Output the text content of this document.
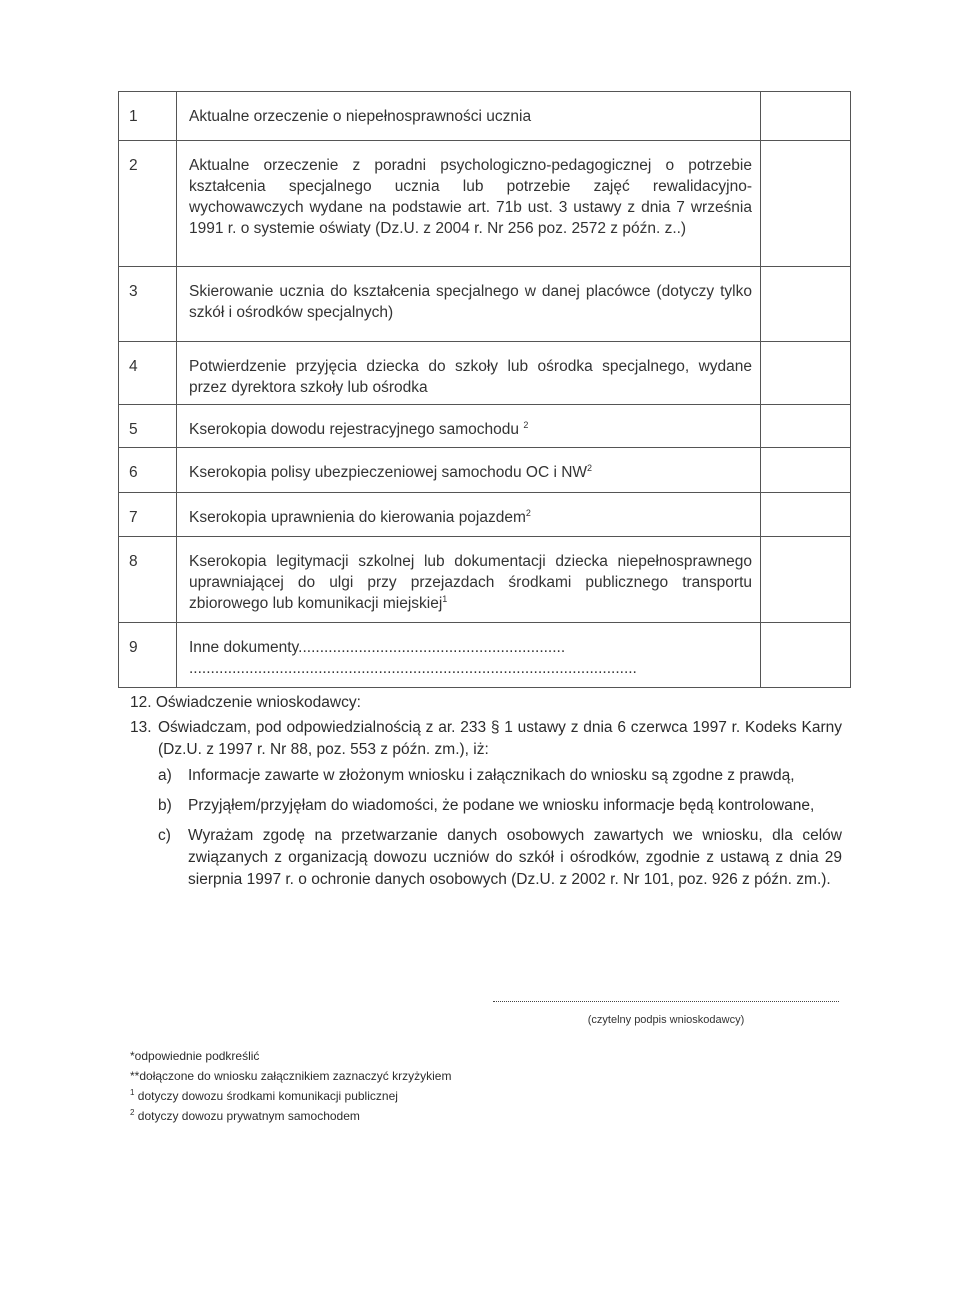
1	Aktualne orzeczenie o niepełnosprawności ucznia	
2	Aktualne orzeczenie z poradni psychologiczno-pedagogicznej o potrzebie kształcenia specjalnego ucznia lub potrzebie zajęć rewalidacyjno-wychowawczych wydane na podstawie art. 71b ust. 3 ustawy z dnia 7 września 1991 r. o systemie oświaty (Dz.U. z 2004 r. Nr 256 poz. 2572 z późn. z..)	
3	Skierowanie ucznia do kształcenia specjalnego w danej placówce (dotyczy tylko szkół i ośrodków specjalnych)	
4	Potwierdzenie przyjęcia dziecka do szkoły lub ośrodka specjalnego, wydane przez dyrektora szkoły lub ośrodka	
5	Kserokopia dowodu rejestracyjnego samochodu $^2$	
6	Kserokopia polisy ubezpieczeniowej samochodu OC i $NW^2$	
7	Kserokopia uprawnienia do kierowania pojazdem$^2$	
8	Kserokopia legitymacji szkolnej lub dokumentacji dziecka niepełnosprawnego uprawniającej do ulgi przy przejazdach środkami publicznego transportu zbiorowego lub komunikacji miejskiej$^1$	
9	Inne dokumenty..............................................................
........................................................................................................	

12. Oświadczenie wnioskodawcy:
13. Oświadczam, pod odpowiedzialnością z ar. 233 § 1 ustawy z dnia 6 czerwca 1997 r. Kodeks Karny (Dz.U. z 1997 r. Nr 88, poz. 553 z późn. zm.), iż:
a)	Informacje zawarte w złożonym wniosku i załącznikach do wniosku są zgodne z prawdą,
b)	Przyjąłem/przyjęłam do wiadomości, że podane we wniosku informacje będą kontrolowane,
c)	Wyrażam zgodę na przetwarzanie danych osobowych zawartych we wniosku, dla celów związanych z organizacją dowozu uczniów do szkół i ośrodków, zgodnie z ustawą z dnia 29 sierpnia 1997 r. o ochronie danych osobowych (Dz.U. z 2002 r. Nr 101, poz. 926 z późn. zm.).
(czytelny podpis wnioskodawcy)
*odpowiednie podkreślić
**dołączone do wniosku załącznikiem zaznaczyć krzyżykiem
$^1$ dotyczy dowozu środkami komunikacji publicznej
$^2$ dotyczy dowozu prywatnym samochodem
